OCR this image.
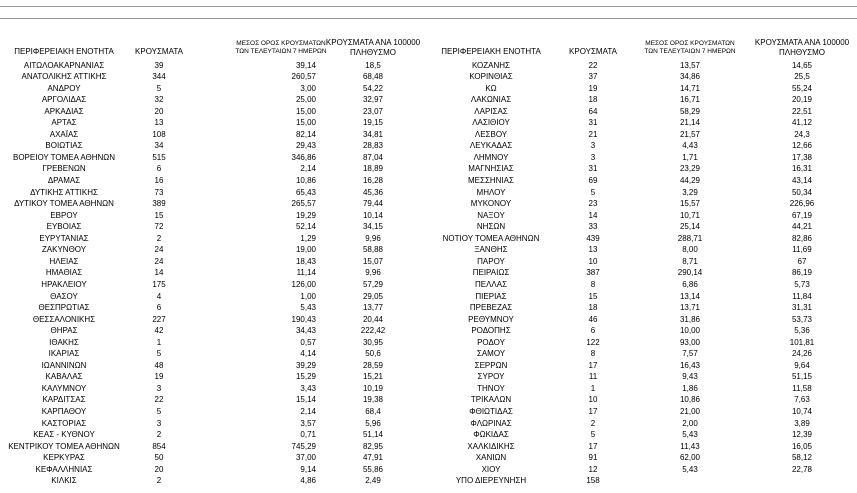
ΠΕΡΙΦΕΡΕΙΑΚΗ ΕΝΟΤΗΤΑ	ΚΡΟΥΣΜΑΤΑ
ΜΕΣΟΣ ΟΡΟΣ ΚΡΟΥΣΜΑΤΩΝ
ΤΩΝ ΤΕΛΕΥΤΑΙΩΝ 7 ΗΜΕΡΩΝ
ΚΡΟΥΣΜΑΤΑ ΑΝΑ 100000
ΠΛΗΘΥΣΜΟ	ΠΕΡΙΦΕΡΕΙΑΚΗ ΕΝΟΤΗΤΑ	ΚΡΟΥΣΜΑΤΑ
ΜΕΣΟΣ ΟΡΟΣ ΚΡΟΥΣΜΑΤΩΝ
ΤΩΝ ΤΕΛΕΥΤΑΙΩΝ 7 ΗΜΕΡΩΝ
ΚΡΟΥΣΜΑΤΑ ΑΝΑ 100000
ΠΛΗΘΥΣΜΟ
ΑΙΤΩΛΟΑΚΑΡΝΑΝΙΑΣ	39	39,14	18,5	ΚΟΖΑΝΗΣ	22	13,57	14,65
ΑΝΑΤΟΛΙΚΗΣ ΑΤΤΙΚΗΣ	344	260,57	68,48	ΚΟΡΙΝΘΙΑΣ	37	34,86	25,5
ΑΝΔΡΟΥ	5	3,00	54,22	ΚΩ	19	14,71	55,24
ΑΡΓΟΛΙΔΑΣ	32	25,00	32,97	ΛΑΚΩΝΙΑΣ	18	16,71	20,19
ΑΡΚΑΔΙΑΣ	20	15,00	23,07	ΛΑΡΙΣΑΣ	64	58,29	22,51
ΑΡΤΑΣ	13	15,00	19,15	ΛΑΣΙΘΙΟΥ	31	21,14	41,12
ΑΧΑΪΑΣ	108	82,14	34,81	ΛΕΣΒΟΥ	21	21,57	24,3
ΒΟΙΩΤΙΑΣ	34	29,43	28,83	ΛΕΥΚΑΔΑΣ	3	4,43	12,66
ΒΟΡΕΙΟΥ ΤΟΜΕΑ ΑΘΗΝΩΝ	515	346,86	87,04	ΛΗΜΝΟΥ	3	1,71	17,38
ΓΡΕΒΕΝΩΝ	6	2,14	18,89	ΜΑΓΝΗΣΙΑΣ	31	23,29	16,31
ΔΡΑΜΑΣ	16	10,86	16,28	ΜΕΣΣΗΝΙΑΣ	69	44,29	43,14
ΔΥΤΙΚΗΣ ΑΤΤΙΚΗΣ	73	65,43	45,36	ΜΗΛΟΥ	5	3,29	50,34
ΔΥΤΙΚΟΥ ΤΟΜΕΑ ΑΘΗΝΩΝ	389	265,57	79,44	ΜΥΚΟΝΟΥ	23	15,57	226,96
ΕΒΡΟΥ	15	19,29	10,14	ΝΑΞΟΥ	14	10,71	67,19
ΕΥΒΟΙΑΣ	72	52,14	34,15	ΝΗΣΩΝ	33	25,14	44,21
ΕΥΡΥΤΑΝΙΑΣ	2	1,29	9,96	ΝΟΤΙΟΥ ΤΟΜΕΑ ΑΘΗΝΩΝ	439	288,71	82,86
ΖΑΚΥΝΘΟΥ	24	19,00	58,88	ΞΑΝΘΗΣ	13	8,00	11,69
ΗΛΕΙΑΣ	24	18,43	15,07	ΠΑΡΟΥ	10	8,71	67
ΗΜΑΘΙΑΣ	14	11,14	9,96	ΠΕΙΡΑΙΩΣ	387	290,14	86,19
ΗΡΑΚΛΕΙΟΥ	175	126,00	57,29	ΠΕΛΛΑΣ	8	6,86	5,73
ΘΑΣΟΥ	4	1,00	29,05	ΠΙΕΡΙΑΣ	15	13,14	11,84
ΘΕΣΠΡΩΤΙΑΣ	6	5,43	13,77	ΠΡΕΒΕΖΑΣ	18	13,71	31,31
ΘΕΣΣΑΛΟΝΙΚΗΣ	227	190,43	20,44	ΡΕΘΥΜΝΟΥ	46	31,86	53,73
ΘΗΡΑΣ	42	34,43	222,42	ΡΟΔΟΠΗΣ	6	10,00	5,36
ΙΘΑΚΗΣ	1	0,57	30,95	ΡΟΔΟΥ	122	93,00	101,81
ΙΚΑΡΙΑΣ	5	4,14	50,6	ΣΑΜΟΥ	8	7,57	24,26
ΙΩΑΝΝΙΝΩΝ	48	39,29	28,59	ΣΕΡΡΩΝ	17	16,43	9,64
ΚΑΒΑΛΑΣ	19	15,29	15,21	ΣΥΡΟΥ	11	9,43	51,15
ΚΑΛΥΜΝΟΥ	3	3,43	10,19	ΤΗΝΟΥ	1	1,86	11,58
ΚΑΡΔΙΤΣΑΣ	22	15,14	19,38	ΤΡΙΚΑΛΩΝ	10	10,86	7,63
ΚΑΡΠΑΘΟΥ	5	2,14	68,4	ΦΘΙΩΤΙΔΑΣ	17	21,00	10,74
ΚΑΣΤΟΡΙΑΣ	3	3,57	5,96	ΦΛΩΡΙΝΑΣ	2	2,00	3,89
ΚΕΑΣ - ΚΥΘΝΟΥ	2	0,71	51,14	ΦΩΚΙΔΑΣ	5	5,43	12,39
ΚΕΝΤΡΙΚΟΥ ΤΟΜΕΑ ΑΘΗΝΩΝ	854	745,29	82,95	ΧΑΛΚΙΔΙΚΗΣ	17	11,43	16,05
ΚΕΡΚΥΡΑΣ	50	37,00	47,91	ΧΑΝΙΩΝ	91	62,00	58,12
ΚΕΦΑΛΛΗΝΙΑΣ	20	9,14	55,86	ΧΙΟΥ	12	5,43	22,78
ΚΙΛΚΙΣ	2	4,86	2,49	ΥΠΟ ΔΙΕΡΕΥΝΗΣΗ	158
